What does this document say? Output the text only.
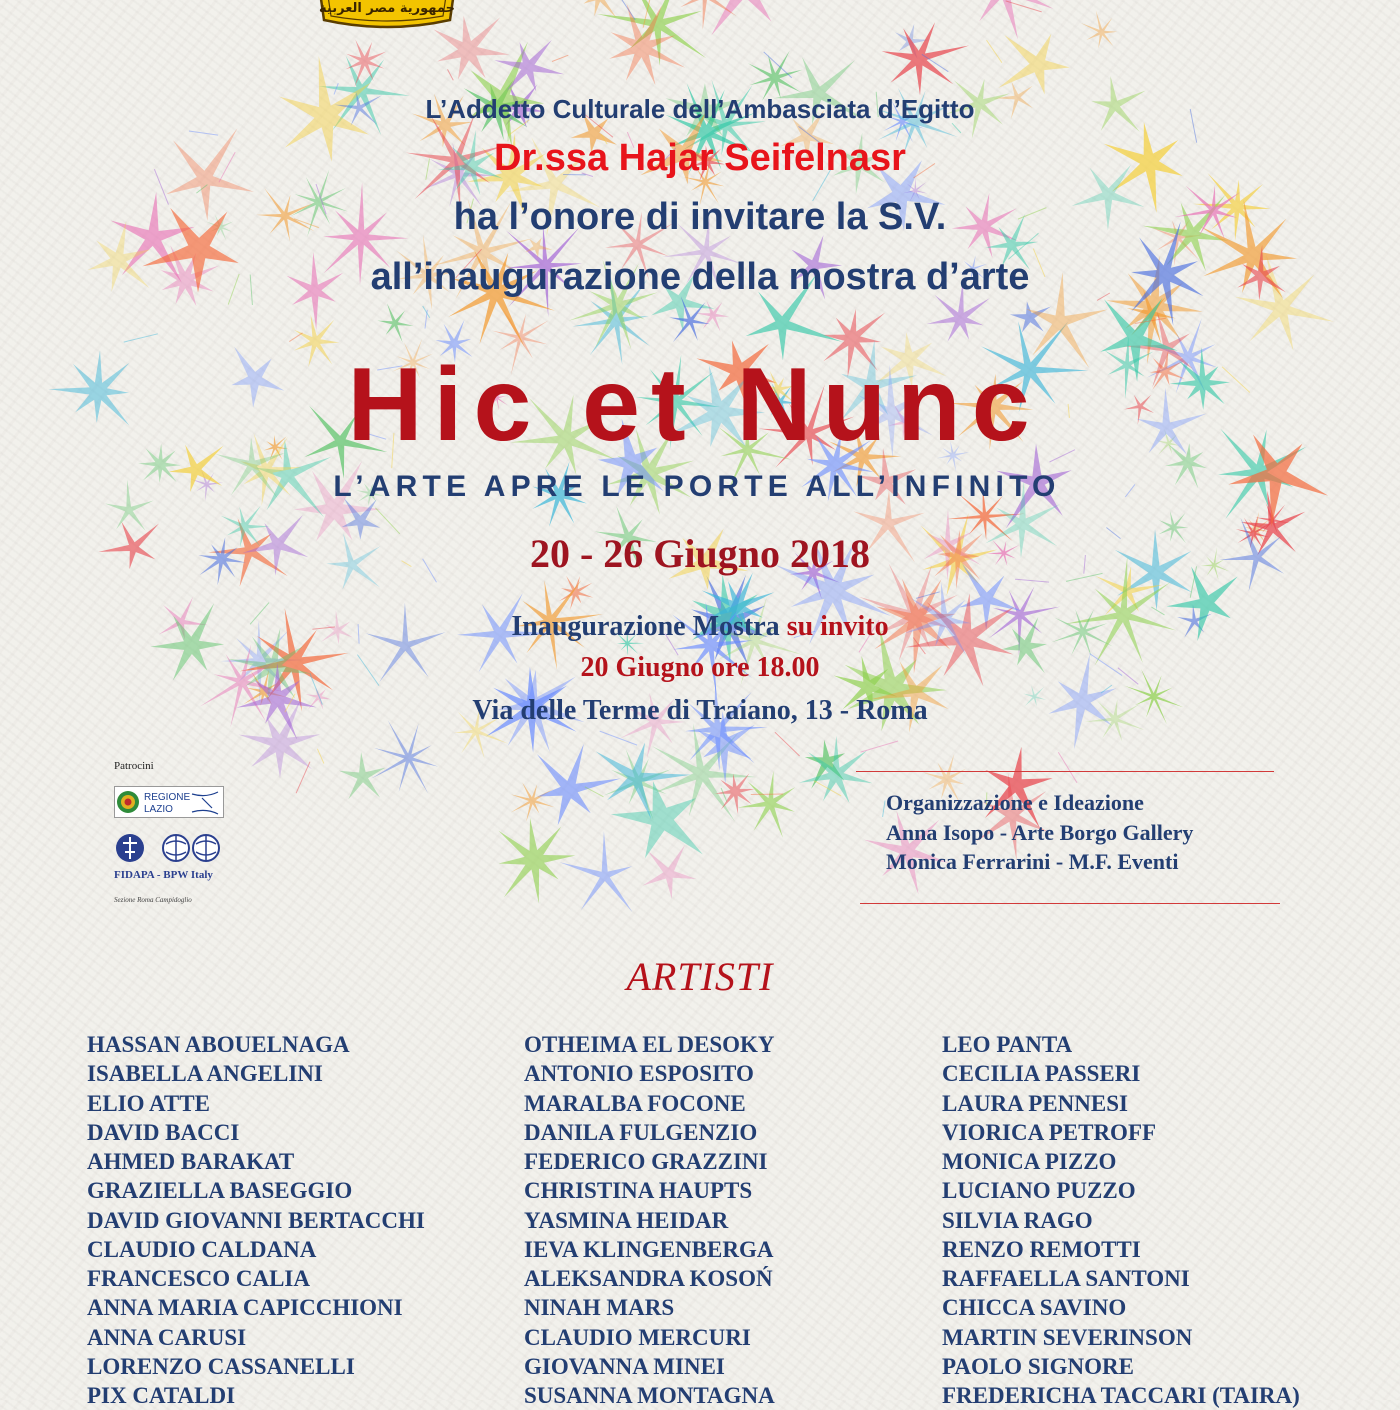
جمهورية مصر العربية
L’Addetto Culturale dell’Ambasciata d’Egitto
Dr.ssa Hajar Seifelnasr
ha l’onore di invitare la S.V.
all’inaugurazione della mostra d’arte
Hic et Nunc
L’ARTE APRE LE PORTE ALL’INFINITO
20 - 26 Giugno 2018
Inaugurazione Mostra su invito
20 Giugno ore 18.00
Via delle Terme di Traiano, 13 - Roma
Patrocini
REGIONE
LAZIO
FIDAPA - BPW Italy
Sezione Roma Campidoglio
Organizzazione e Ideazione
Anna Isopo - Arte Borgo Gallery
Monica Ferrarini - M.F. Eventi
ARTISTI
HASSAN ABOUELNAGA
ISABELLA ANGELINI
ELIO ATTE
DAVID BACCI
AHMED BARAKAT
GRAZIELLA BASEGGIO
DAVID GIOVANNI BERTACCHI
CLAUDIO CALDANA
FRANCESCO CALIA
ANNA MARIA CAPICCHIONI
ANNA CARUSI
LORENZO CASSANELLI
PIX CATALDI
OTHEIMA EL DESOKY
ANTONIO ESPOSITO
MARALBA FOCONE
DANILA FULGENZIO
FEDERICO GRAZZINI
CHRISTINA HAUPTS
YASMINA HEIDAR
IEVA KLINGENBERGA
ALEKSANDRA KOSOŃ
NINAH MARS
CLAUDIO MERCURI
GIOVANNA MINEI
SUSANNA MONTAGNA
LEO PANTA
CECILIA PASSERI
LAURA PENNESI
VIORICA PETROFF
MONICA PIZZO
LUCIANO PUZZO
SILVIA RAGO
RENZO REMOTTI
RAFFAELLA SANTONI
CHICCA SAVINO
MARTIN SEVERINSON
PAOLO SIGNORE
FREDERICHA TACCARI (TAIRA)
